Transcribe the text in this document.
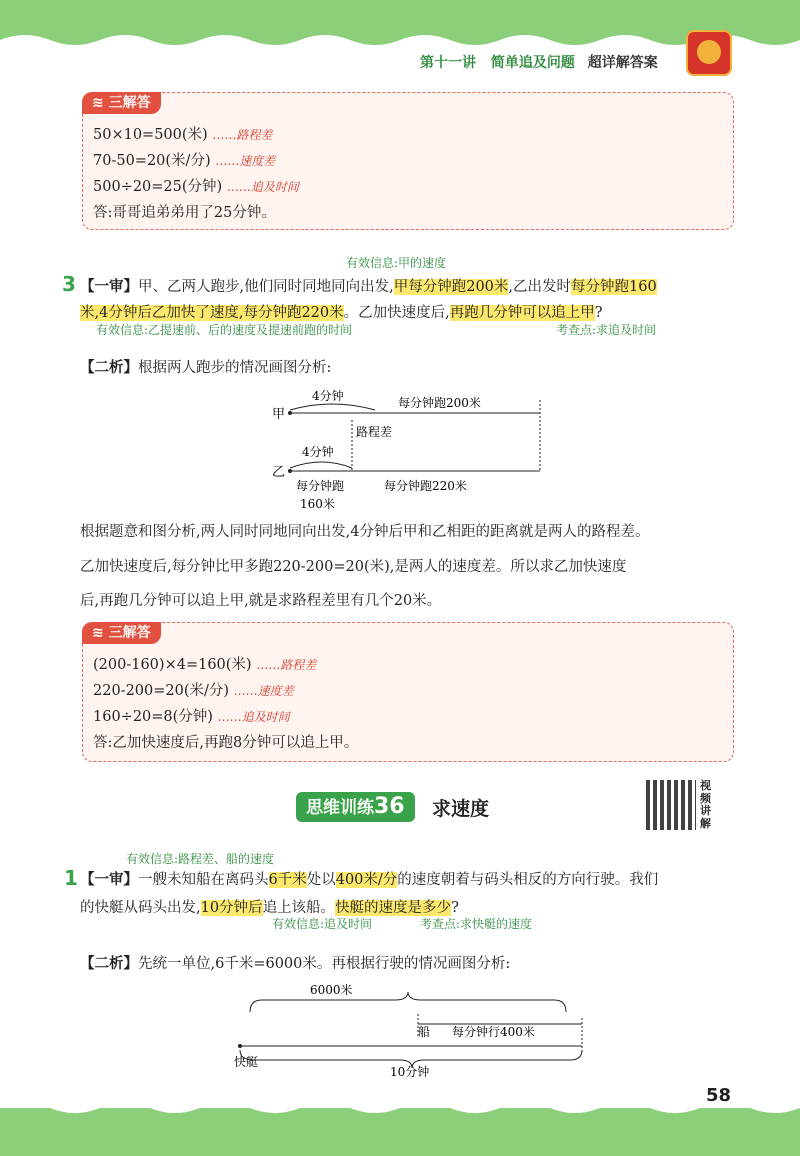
第十一讲 简单追及问题 超详解答案
≋ 三解答
50×10=500(米) ……路程差
70-50=20(米/分) ……速度差
500÷20=25(分钟) ……追及时间
答:哥哥追弟弟用了25分钟。
有效信息:甲的速度
3 【一审】甲、乙两人跑步,他们同时同地同向出发,甲每分钟跑200米,乙出发时每分钟跑160
米,4分钟后乙加快了速度,每分钟跑220米。乙加快速度后,再跑几分钟可以追上甲?
有效信息:乙提速前、后的速度及提速前跑的时间	考查点:求追及时间
【二析】根据两人跑步的情况画图分析:
甲
4分钟	每分钟跑200米
路程差
乙
4分钟
每分钟跑
160米
每分钟跑220米
根据题意和图分析,两人同时同地同向出发,4分钟后甲和乙相距的距离就是两人的路程差。
乙加快速度后,每分钟比甲多跑220-200=20(米),是两人的速度差。所以求乙加快速度
后,再跑几分钟可以追上甲,就是求路程差里有几个20米。
≋ 三解答
(200-160)×4=160(米) ……路程差
220-200=20(米/分) ……速度差
160÷20=8(分钟) ……追及时间
答:乙加快速度后,再跑8分钟可以追上甲。
思维训练36	求速度
视频讲解
有效信息:路程差、船的速度
1 【一审】一艘未知船在离码头6千米处以400米/分的速度朝着与码头相反的方向行驶。我们
的快艇从码头出发,10分钟后追上该船。快艇的速度是多少?
有效信息:追及时间	考查点:求快艇的速度
【二析】先统一单位,6千米=6000米。再根据行驶的情况画图分析:
6000米
船 每分钟行400米
快艇
10分钟
58
